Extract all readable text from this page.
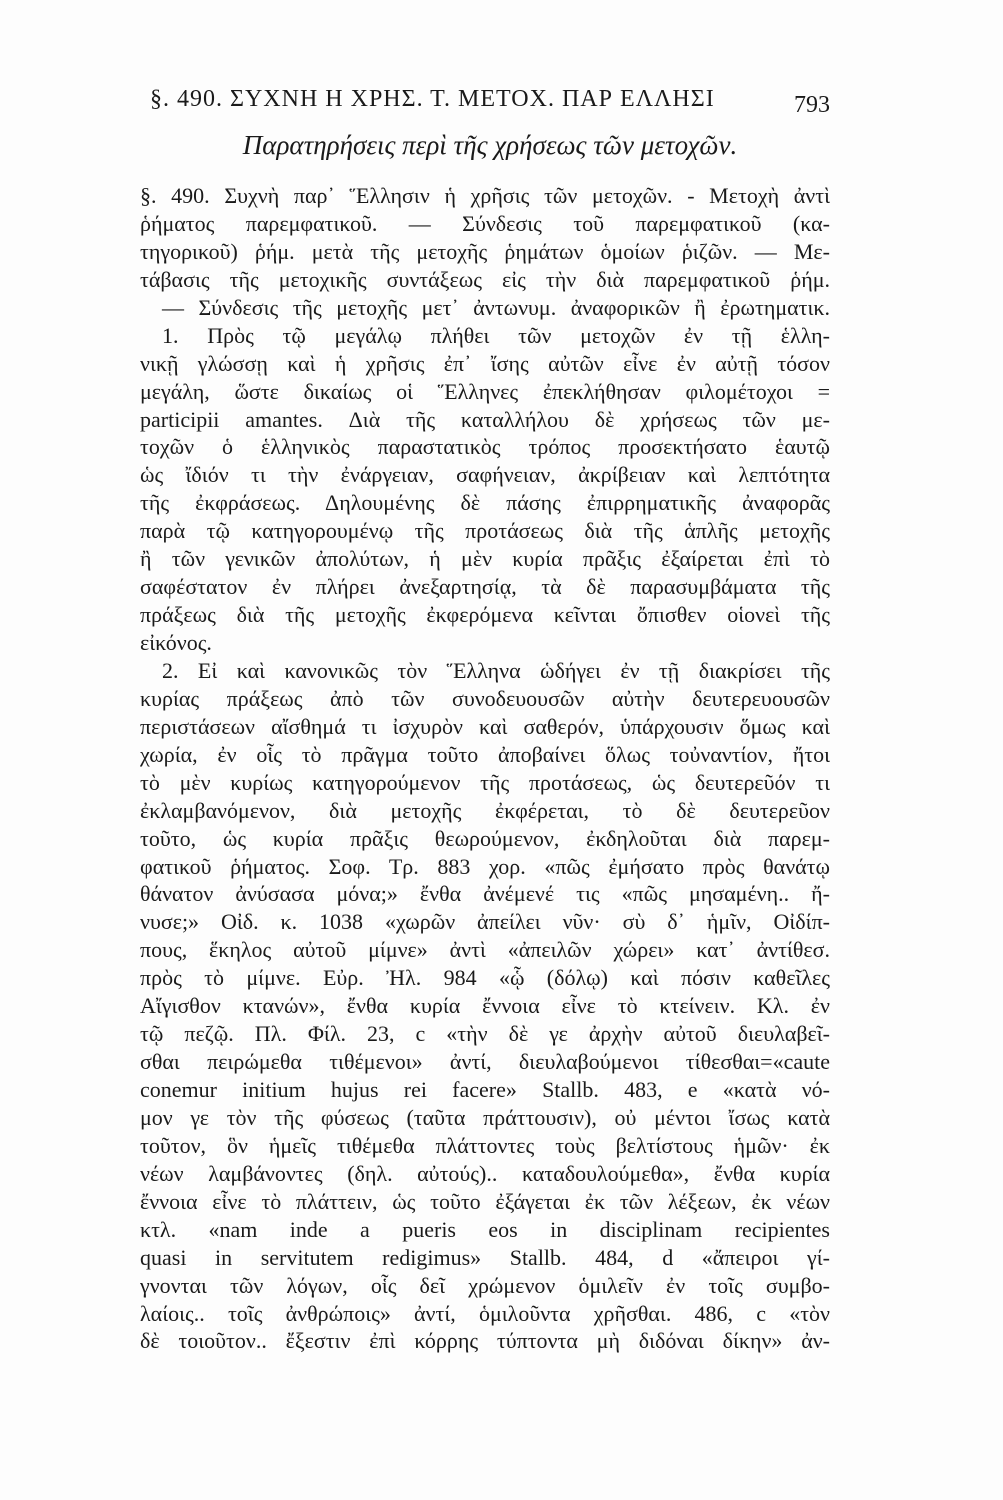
§. 490. ΣΥΧΝΗ Η ΧΡΗΣ. Τ. ΜΕΤΟΧ. ΠΑΡ ΕΛΛΗΣΙ	793
Παρατηρήσεις περὶ τῆς χρήσεως τῶν μετοχῶν.
§. 490. Συχνὴ παρ᾽ Ἕλλησιν ἡ χρῆσις τῶν μετοχῶν. - Μετοχὴ ἀντὶ
ῥήματος παρεμφατικοῦ. — Σύνδεσις τοῦ παρεμφατικοῦ (κα-
τηγορικοῦ) ῥήμ. μετὰ τῆς μετοχῆς ῥημάτων ὁμοίων ῥιζῶν. — Με-
τάβασις τῆς μετοχικῆς συντάξεως εἰς τὴν διὰ παρεμφατικοῦ ῥήμ.
— Σύνδεσις τῆς μετοχῆς μετ᾽ ἀντωνυμ. ἀναφορικῶν ἢ ἐρωτηματικ.
1. Πρὸς τῷ μεγάλῳ πλήθει τῶν μετοχῶν ἐν τῇ ἑλλη-
νικῇ γλώσσῃ καὶ ἡ χρῆσις ἐπ᾽ ἴσης αὐτῶν εἶνε ἐν αὐτῇ τόσον
μεγάλη, ὥστε δικαίως οἱ Ἕλληνες ἐπεκλήθησαν φιλομέτοχοι =
participii amantes. Διὰ τῆς καταλλήλου δὲ χρήσεως τῶν με-
τοχῶν ὁ ἑλληνικὸς παραστατικὸς τρόπος προσεκτήσατο ἑαυτῷ
ὡς ἴδιόν τι τὴν ἐνάργειαν, σαφήνειαν, ἀκρίβειαν καὶ λεπτότητα
τῆς ἐκφράσεως. Δηλουμένης δὲ πάσης ἐπιρρηματικῆς ἀναφορᾶς
παρὰ τῷ κατηγορουμένῳ τῆς προτάσεως διὰ τῆς ἁπλῆς μετοχῆς
ἢ τῶν γενικῶν ἀπολύτων, ἡ μὲν κυρία πρᾶξις ἐξαίρεται ἐπὶ τὸ
σαφέστατον ἐν πλήρει ἀνεξαρτησίᾳ, τὰ δὲ παρασυμβάματα τῆς
πράξεως διὰ τῆς μετοχῆς ἐκφερόμενα κεῖνται ὄπισθεν οἱονεὶ τῆς
εἰκόνος.
2. Εἰ καὶ κανονικῶς τὸν Ἕλληνα ὡδήγει ἐν τῇ διακρίσει τῆς
κυρίας πράξεως ἀπὸ τῶν συνοδευουσῶν αὐτὴν δευτερευουσῶν
περιστάσεων αἴσθημά τι ἰσχυρὸν καὶ σαθερόν, ὑπάρχουσιν ὅμως καὶ
χωρία, ἐν οἷς τὸ πρᾶγμα τοῦτο ἀποβαίνει ὅλως τοὐναντίον, ἤτοι
τὸ μὲν κυρίως κατηγορούμενον τῆς προτάσεως, ὡς δευτερεῦόν τι
ἐκλαμβανόμενον, διὰ μετοχῆς ἐκφέρεται, τὸ δὲ δευτερεῦον
τοῦτο, ὡς κυρία πρᾶξις θεωρούμενον, ἐκδηλοῦται διὰ παρεμ-
φατικοῦ ῥήματος. Σοφ. Τρ. 883 χορ. «πῶς ἐμήσατο πρὸς θανάτῳ
θάνατον ἀνύσασα μόνα;» ἔνθα ἀνέμενέ τις «πῶς μησαμένη.. ἤ-
νυσε;» Οἰδ. κ. 1038 «χωρῶν ἀπείλει νῦν· σὺ δ᾽ ἡμῖν, Οἰδίπ-
πους, ἕκηλος αὐτοῦ μίμνε» ἀντὶ «ἀπειλῶν χώρει» κατ᾽ ἀντίθεσ.
πρὸς τὸ μίμνε. Εὐρ. Ἠλ. 984 «ᾧ (δόλῳ) καὶ πόσιν καθεῖλες
Αἴγισθον κτανών», ἔνθα κυρία ἔννοια εἶνε τὸ κτείνειν. Κλ. ἐν
τῷ πεζῷ. Πλ. Φίλ. 23, c «τὴν δὲ γε ἀρχὴν αὐτοῦ διευλαβεῖ-
σθαι πειρώμεθα τιθέμενοι» ἀντί, διευλαβούμενοι τίθεσθαι=«caute
conemur initium hujus rei facere» Stallb. 483, e «κατὰ νό-
μον γε τὸν τῆς φύσεως (ταῦτα πράττουσιν), οὐ μέντοι ἴσως κατὰ
τοῦτον, ὃν ἡμεῖς τιθέμεθα πλάττοντες τοὺς βελτίστους ἡμῶν· ἐκ
νέων λαμβάνοντες (δηλ. αὐτούς).. καταδουλούμεθα», ἔνθα κυρία
ἔννοια εἶνε τὸ πλάττειν, ὡς τοῦτο ἐξάγεται ἐκ τῶν λέξεων, ἐκ νέων
κτλ. «nam inde a pueris eos in disciplinam recipientes
quasi in servitutem redigimus» Stallb. 484, d «ἄπειροι γί-
γνονται τῶν λόγων, οἷς δεῖ χρώμενον ὁμιλεῖν ἐν τοῖς συμβο-
λαίοις.. τοῖς ἀνθρώποις» ἀντί, ὁμιλοῦντα χρῆσθαι. 486, c «τὸν
δὲ τοιοῦτον.. ἔξεστιν ἐπὶ κόρρης τύπτοντα μὴ διδόναι δίκην» ἀν-
